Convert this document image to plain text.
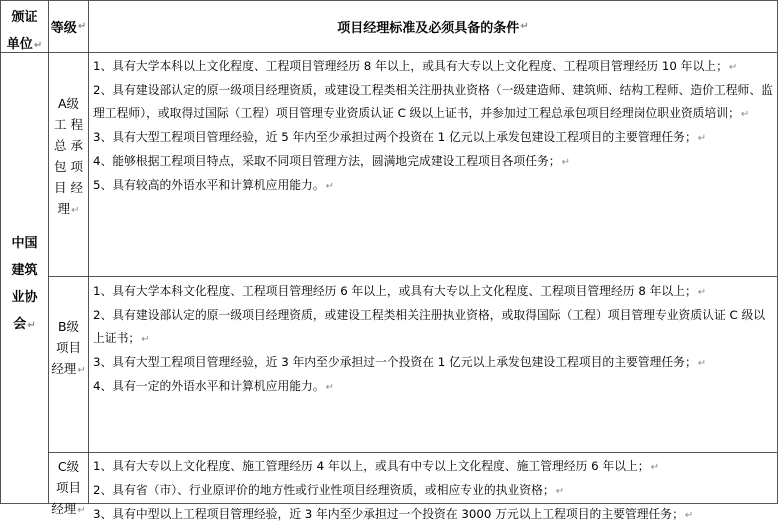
颁证
单位↵
等级 ↵	项目经理标准及必须具备的条件 ↵
中国
建筑
业协
会↵
A级
工 程
总 承
包 项
目 经
理↵

1、具有大学本科以上文化程度、工程项目管理经历 8 年以上，或具有大专以上文化程度、工程项目管理经历 10 年以上；↵

2、具有建设部认定的原一级项目经理资质，或建设工程类相关注册执业资格（一级建造师、建筑师、结构工程师、造价工程师、监理工程师），或取得过国际（工程）项目管理专业资质认证 C 级以上证书，并参加过工程总承包项目经理岗位职业资质培训；↵

3、具有大型工程项目管理经验，近 5 年内至少承担过两个投资在 1 亿元以上承发包建设工程项目的主要管理任务；↵

4、能够根据工程项目特点，采取不同项目管理方法，圆满地完成建设工程项目各项任务；↵

5、具有较高的外语水平和计算机应用能力。↵

B级
项目
经理↵

1、具有大学本科文化程度、工程项目管理经历 6 年以上，或具有大专以上文化程度、工程项目管理经历 8 年以上；↵

2、具有建设部认定的原一级项目经理资质，或建设工程类相关注册执业资格，或取得国际（工程）项目管理专业资质认证 C 级以上证书；↵

3、具有大型工程项目管理经验，近 3 年内至少承担过一个投资在 1 亿元以上承发包建设工程项目的主要管理任务；↵

4、具有一定的外语水平和计算机应用能力。↵

C级
项目
经理↵

1、具有大专以上文化程度、施工管理经历 4 年以上，或具有中专以上文化程度、施工管理经历 6 年以上；↵

2、具有省（市）、行业原评价的地方性或行业性项目经理资质，或相应专业的执业资格；↵

3、具有中型以上工程项目管理经验，近 3 年内至少承担过一个投资在 3000 万元以上工程项目的主要管理任务；↵
